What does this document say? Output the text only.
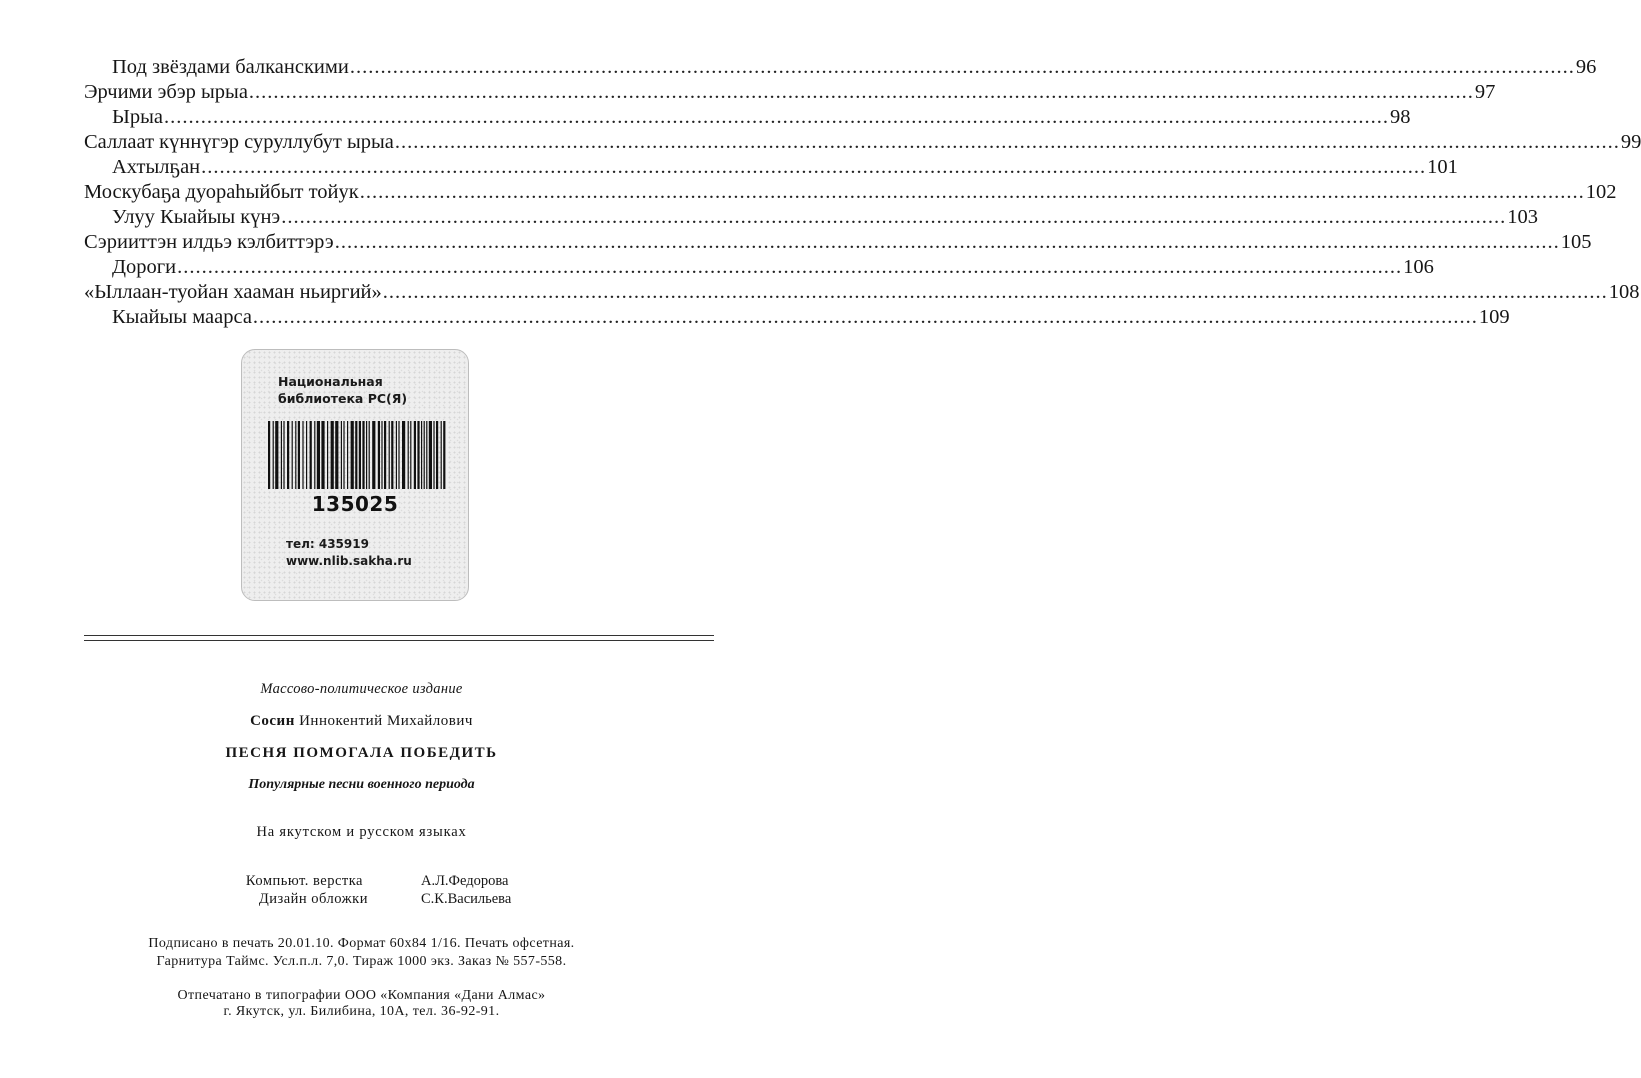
Под звёздами балканскими ........................................................................................................................................................................................................ 96
Эрчими эбэр ырыа ........................................................................................................................................................................................................ 97
Ырыа ........................................................................................................................................................................................................ 98
Саллаат күннүгэр суруллубут ырыа ........................................................................................................................................................................................................ 99
Ахтылҕан ........................................................................................................................................................................................................ 101
Москубаҕа дуораһыйбыт тойук ........................................................................................................................................................................................................ 102
Улуу Кыайыы күнэ ........................................................................................................................................................................................................ 103
Сэрииттэн илдьэ кэлбиттэрэ ........................................................................................................................................................................................................ 105
Дороги ........................................................................................................................................................................................................ 106
«Ыллаан-туойан хааман ньиргий» ........................................................................................................................................................................................................ 108
Кыайыы маарса ........................................................................................................................................................................................................ 109
Национальная
библиотека РС(Я)
135025
тел: 435919
www.nlib.sakha.ru
Массово-политическое издание
Сосин Иннокентий Михайлович
ПЕСНЯ ПОМОГАЛА ПОБЕДИТЬ
Популярные песни военного периода
На якутском и русском языках
Компьют. верстка	А.Л.Федорова
Дизайн обложки	С.К.Васильева
Подписано в печать 20.01.10. Формат 60x84 1/16. Печать офсетная.
Гарнитура Таймс. Усл.п.л. 7,0. Тираж 1000 экз. Заказ № 557-558.
Отпечатано в типографии ООО «Компания «Дани Алмас»
г. Якутск, ул. Билибина, 10А, тел. 36-92-91.
